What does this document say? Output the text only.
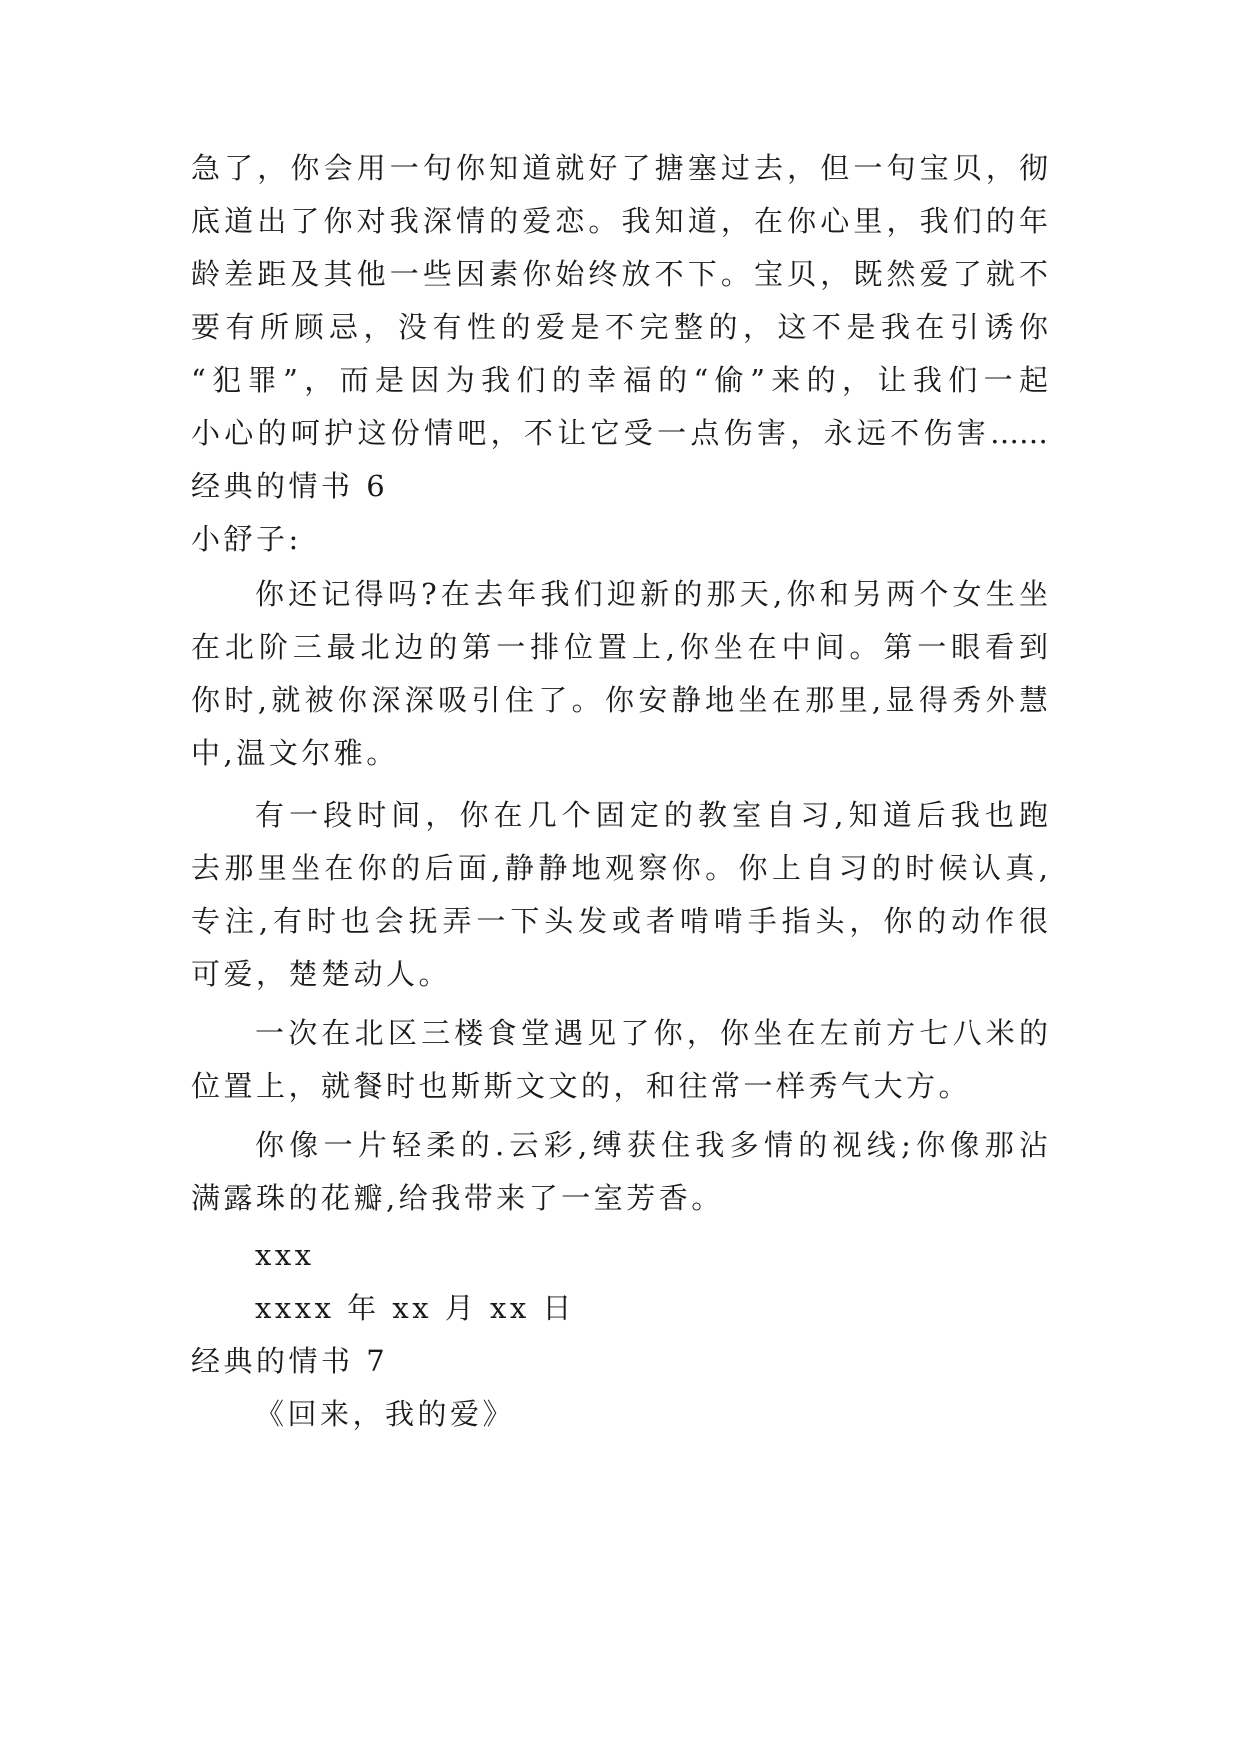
急了，你会用一句你知道就好了搪塞过去，但一句宝贝，彻
底道出了你对我深情的爱恋。我知道，在你心里，我们的年
龄差距及其他一些因素你始终放不下。宝贝，既然爱了就不
要有所顾忌，没有性的爱是不完整的，这不是我在引诱你
“犯罪”，而是因为我们的幸福的“偷”来的，让我们一起
小心的呵护这份情吧，不让它受一点伤害，永远不伤害……
经典的情书 6
小舒子:
你还记得吗?在去年我们迎新的那天,你和另两个女生坐
在北阶三最北边的第一排位置上,你坐在中间。第一眼看到
你时,就被你深深吸引住了。你安静地坐在那里,显得秀外慧
中,温文尔雅。
有一段时间，你在几个固定的教室自习,知道后我也跑
去那里坐在你的后面,静静地观察你。你上自习的时候认真,
专注,有时也会抚弄一下头发或者啃啃手指头，你的动作很
可爱，楚楚动人。
一次在北区三楼食堂遇见了你，你坐在左前方七八米的
位置上，就餐时也斯斯文文的，和往常一样秀气大方。
你像一片轻柔的.云彩,缚获住我多情的视线;你像那沾
满露珠的花瓣,给我带来了一室芳香。
xxx
xxxx 年 xx 月 xx 日
经典的情书 7
《回来，我的爱》
